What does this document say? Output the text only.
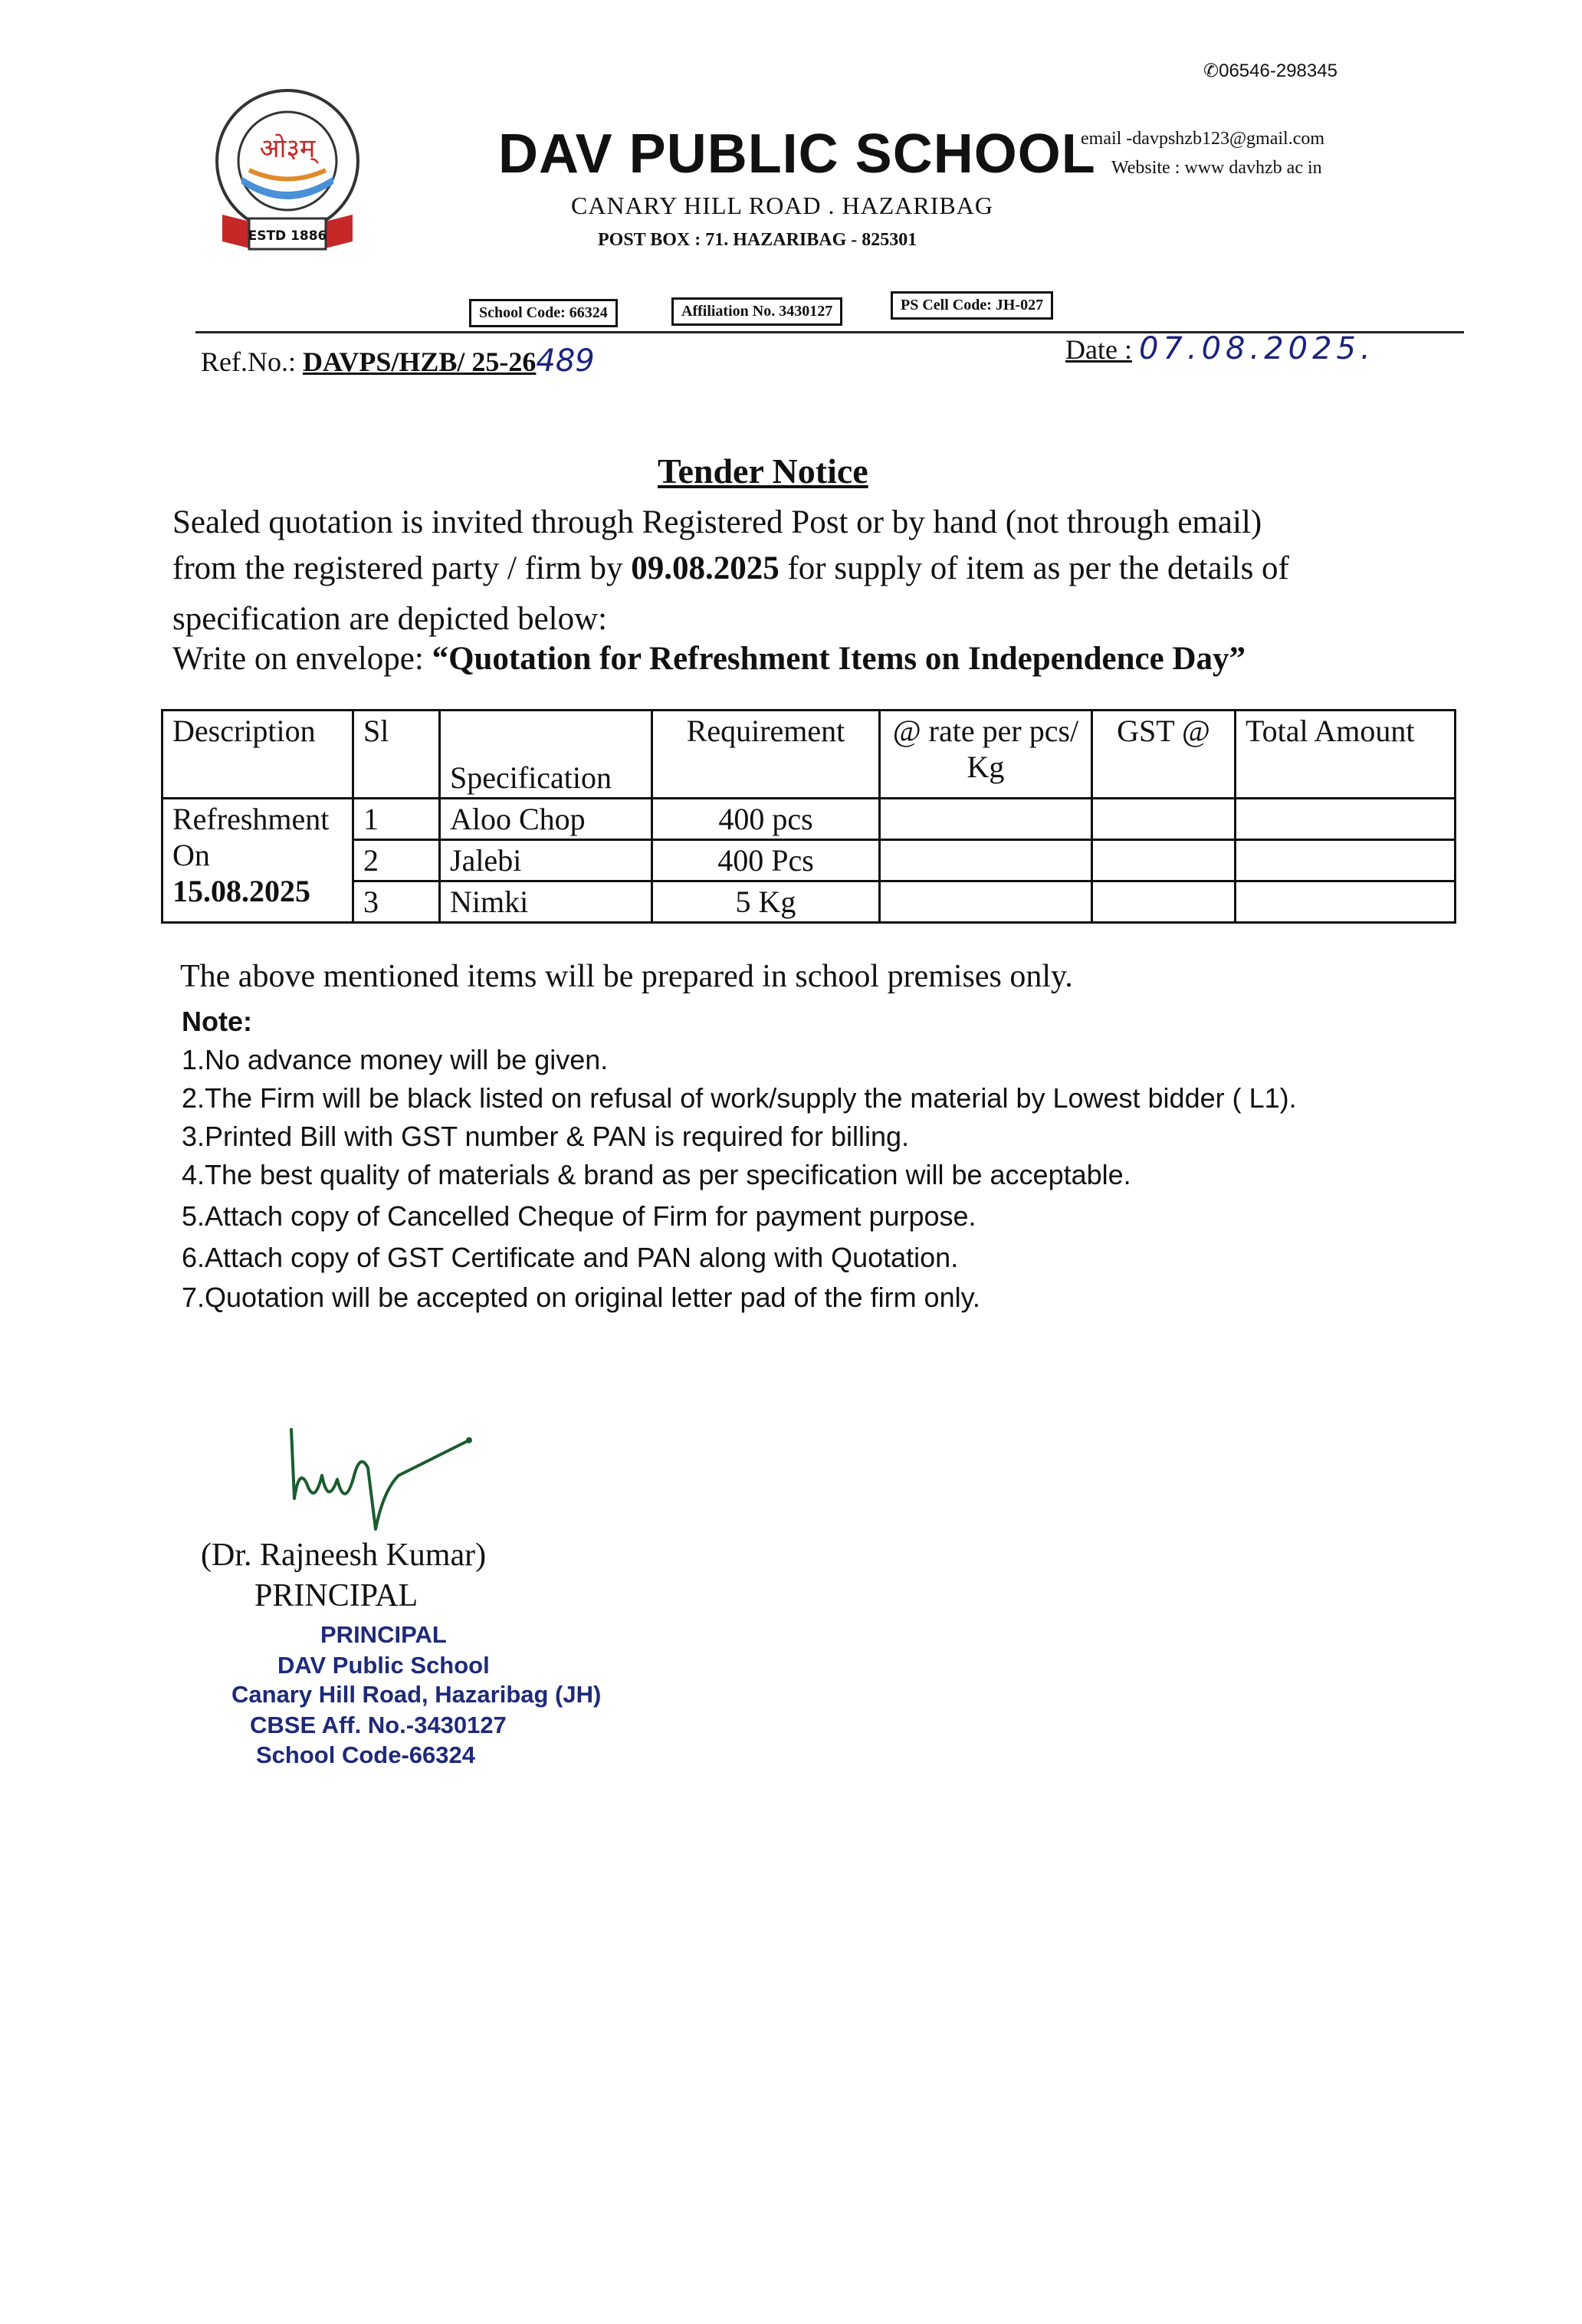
✆06546-298345
ओ३म्
ESTD 1886
DAV PUBLIC SCHOOL
CANARY HILL ROAD . HAZARIBAG
POST BOX : 71. HAZARIBAG - 825301
email -davpshzb123@gmail.com
Website : www davhzb ac in
School Code: 66324	Affiliation No. 3430127	PS Cell Code: JH-027
Ref.No.: DAVPS/HZB/ 25-26489	Date : 07.08.2025.
Tender Notice
Sealed quotation is invited through Registered Post or by hand (not through email)
from the registered party / firm by 09.08.2025 for supply of item as per the details of
specification are depicted below:
Write on envelope: “Quotation for Refreshment Items on Independence Day”
Description	Sl	Specification	Requirement	@ rate per pcs/ Kg	GST @	Total Amount

Refreshment
On
15.08.2025	1	Aloo Chop	400 pcs			
	2	Jalebi	400 Pcs			
	3	Nimki	5 Kg			
The above mentioned items will be prepared in school premises only.
Note:
1.No advance money will be given.
2.The Firm will be black listed on refusal of work/supply the material by Lowest bidder ( L1).
3.Printed Bill with GST number & PAN is required for billing.
4.The best quality of materials & brand as per specification will be acceptable.
5.Attach copy of Cancelled Cheque of Firm for payment purpose.
6.Attach copy of GST Certificate and PAN along with Quotation.
7.Quotation will be accepted on original letter pad of the firm only.
(Dr. Rajneesh Kumar)
PRINCIPAL
PRINCIPAL
DAV Public School
Canary Hill Road, Hazaribag (JH)
CBSE Aff. No.-3430127
School Code-66324
